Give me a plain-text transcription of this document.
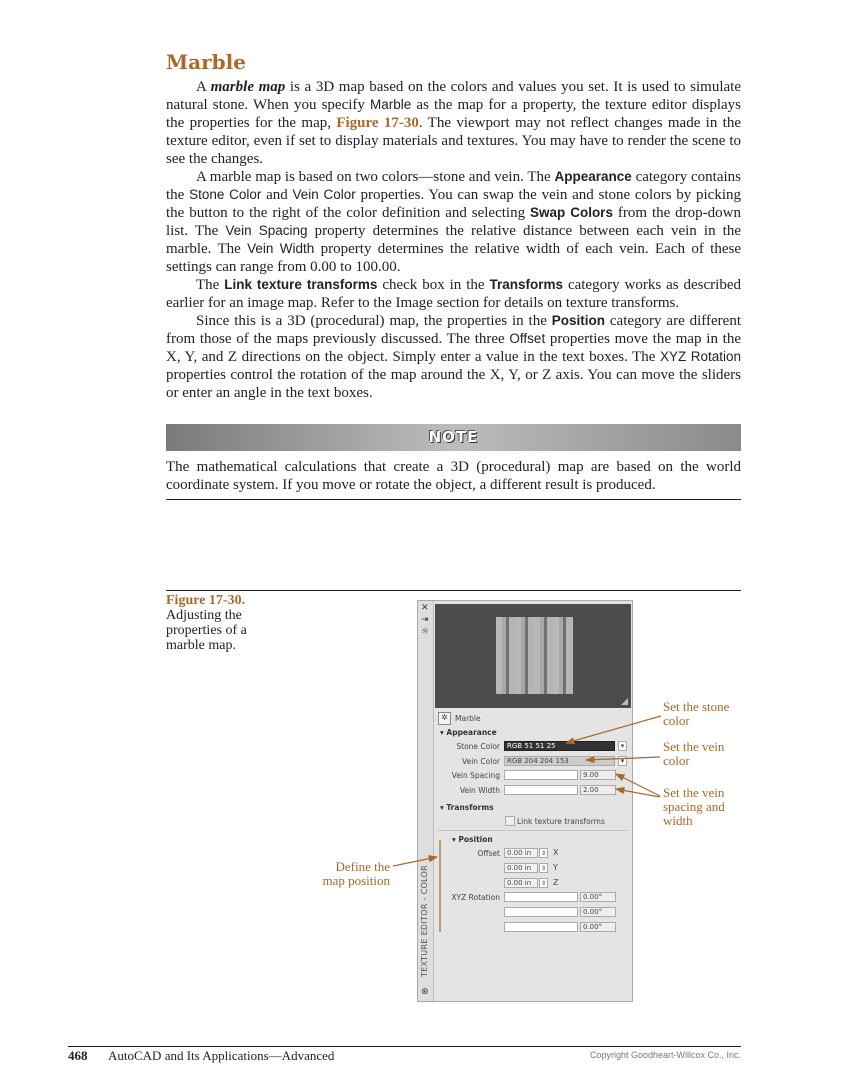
Marble

A marble map is a 3D map based on the colors and values you set. It is used to simulate natural stone. When you specify Marble as the map for a property, the texture editor displays the properties for the map, Figure 17-30. The viewport may not reflect changes made in the texture editor, even if set to display materials and textures. You may have to render the scene to see the changes.

A marble map is based on two colors—stone and vein. The Appearance category contains the Stone Color and Vein Color properties. You can swap the vein and stone colors by picking the button to the right of the color definition and selecting Swap Colors from the drop-down list. The Vein Spacing property determines the relative distance between each vein in the marble. The Vein Width property determines the relative width of each vein. Each of these settings can range from 0.00 to 100.00.

The Link texture transforms check box in the Transforms category works as described earlier for an image map. Refer to the Image section for details on texture transforms.

Since this is a 3D (procedural) map, the properties in the Position category are different from those of the maps previously discussed. The three Offset properties move the map in the X, Y, and Z directions on the object. Simply enter a value in the text boxes. The XYZ Rotation properties control the rotation of the map around the X, Y, or Z axis. You can move the sliders or enter an angle in the text boxes.

NOTE
The mathematical calculations that create a 3D (procedural) map are based on the world coordinate system. If you move or rotate the object, a different result is produced.
Figure 17-30.
Adjusting the properties of a marble map.
✕
⇥
☼
TEXTURE EDITOR - COLOR
⊛
✲ Marble
▾ Appearance
Stone Color	RGB 51 51 25	▾
Vein Color	RGB 204 204 153	▾
Vein Spacing	9.00
Vein Width	2.00
▾ Transforms
Link texture transforms
▾ Position
Offset	0.00 in	⇕ X
0.00 in	⇕ Y
0.00 in	⇕ Z
XYZ Rotation	0.00°
0.00°
0.00°
Set the stone color
Set the vein color
Set the vein spacing and width
Define the map position
468 AutoCAD and Its Applications—Advanced	Copyright Goodheart-Willcox Co., Inc.
